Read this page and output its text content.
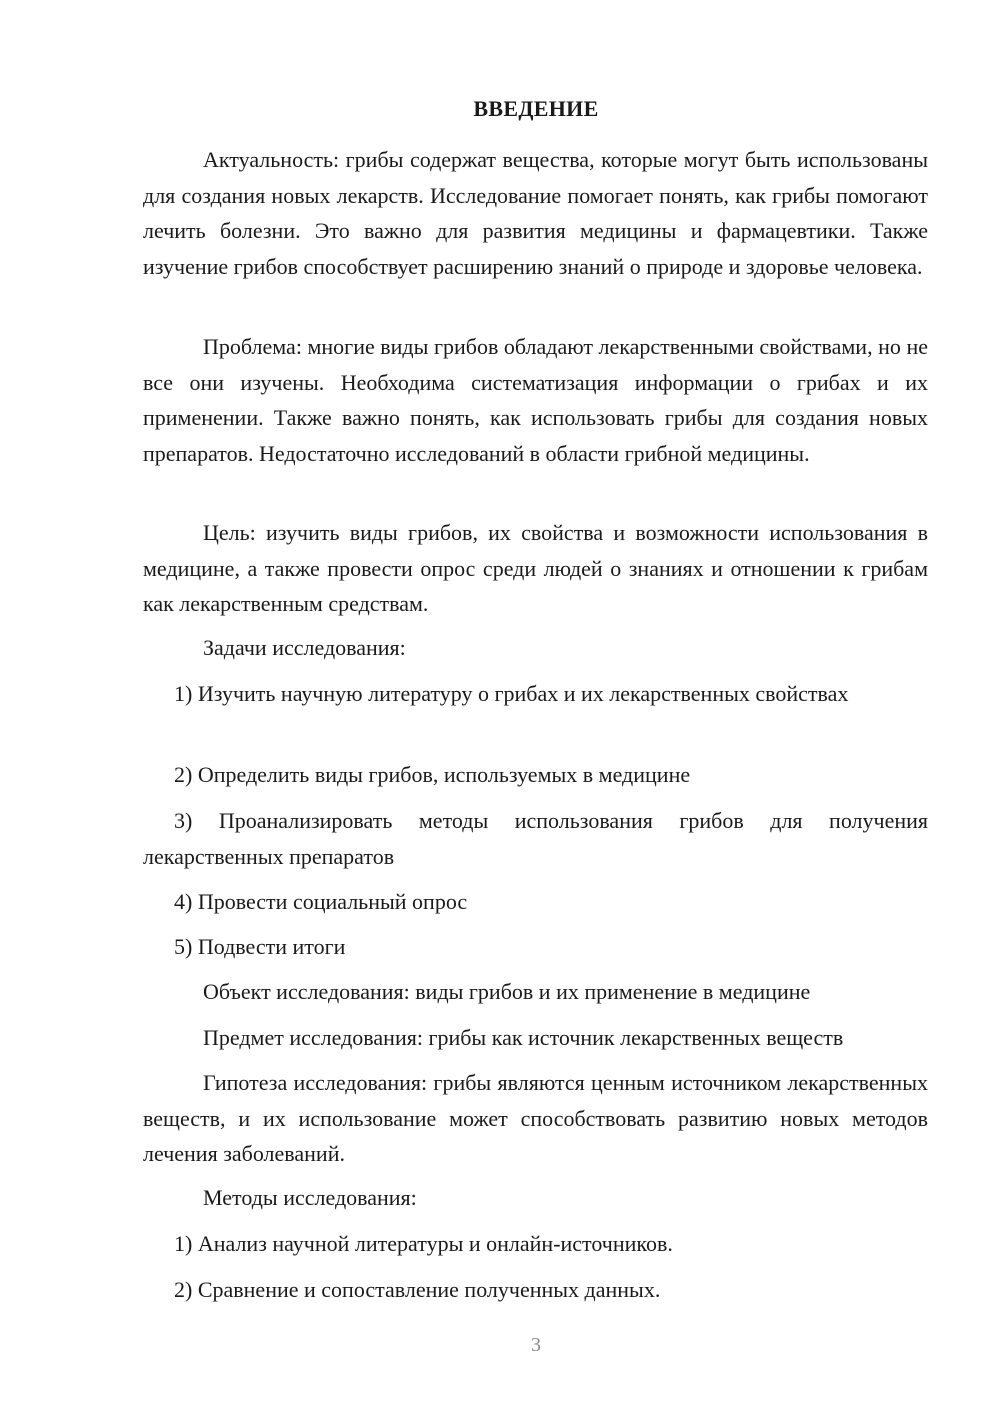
ВВЕДЕНИЕ

Актуальность: грибы содержат вещества, которые могут быть использованы для создания новых лекарств. Исследование помогает понять, как грибы помогают лечить болезни. Это важно для развития медицины и фармацевтики. Также изучение грибов способствует расширению знаний о природе и здоровье человека.

Проблема: многие виды грибов обладают лекарственными свойствами, но не все они изучены. Необходима систематизация информации о грибах и их применении. Также важно понять, как использовать грибы для создания новых препаратов. Недостаточно исследований в области грибной медицины.

Цель: изучить виды грибов, их свойства и возможности использования в медицине, а также провести опрос среди людей о знаниях и отношении к грибам как лекарственным средствам.

Задачи исследования:

1) Изучить научную литературу о грибах и их лекарственных свойствах

2) Определить виды грибов, используемых в медицине

3) Проанализировать методы использования грибов для получения лекарственных препаратов

4) Провести социальный опрос

5) Подвести итоги

Объект исследования: виды грибов и их применение в медицине

Предмет исследования: грибы как источник лекарственных веществ

Гипотеза исследования: грибы являются ценным источником лекарственных веществ, и их использование может способствовать развитию новых методов лечения заболеваний.

Методы исследования:

1) Анализ научной литературы и онлайн-источников.

2) Сравнение и сопоставление полученных данных.

3
